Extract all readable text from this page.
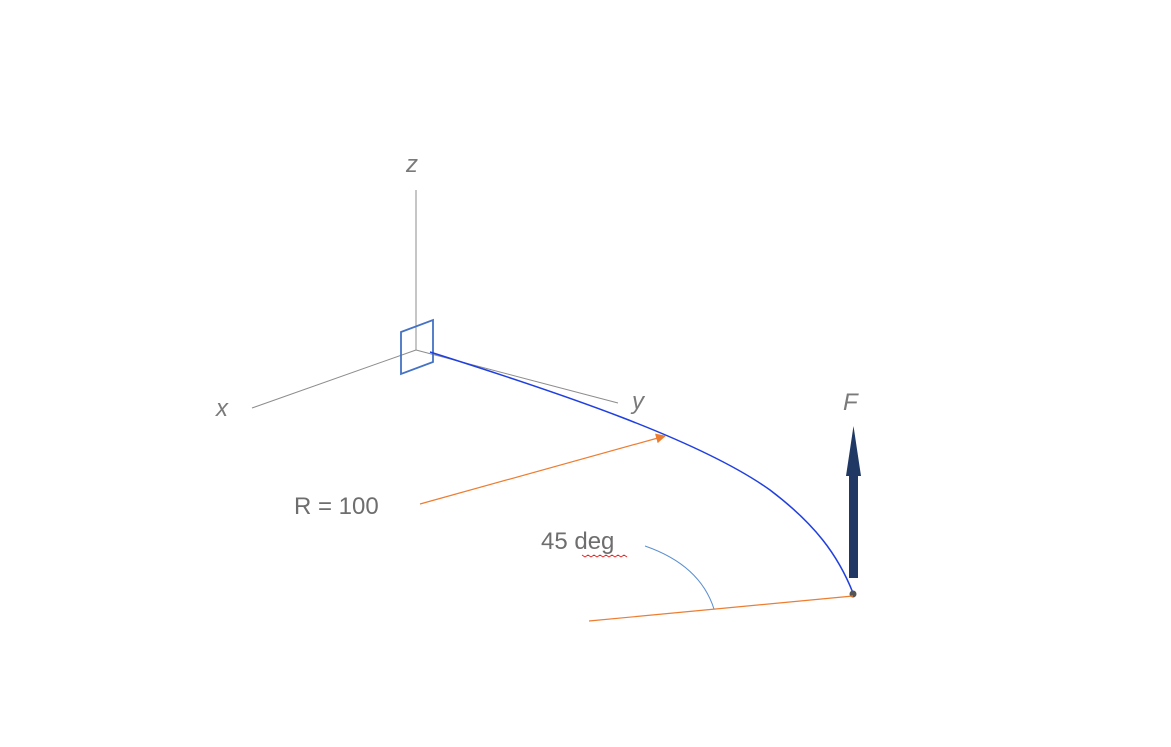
z
x	y	F
R = 100
45 deg
